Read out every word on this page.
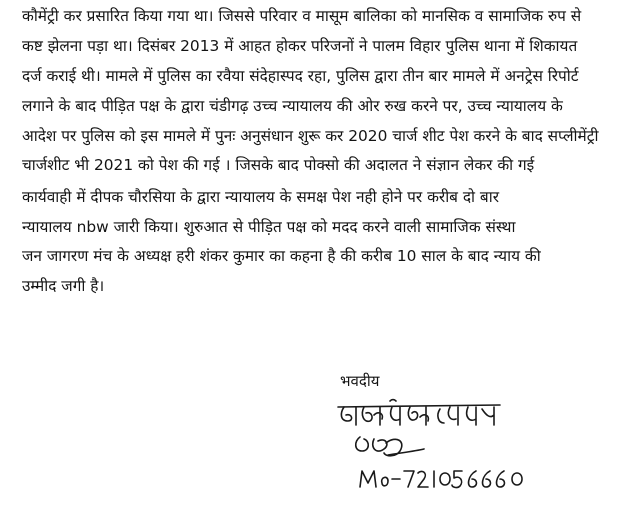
कौमेंट्री कर प्रसारित किया गया था। जिससे परिवार व मासूम बालिका को मानसिक व सामाजिक रुप से
कष्ट झेलना पड़ा था। दिसंबर 2013 में आहत होकर परिजनों ने पालम विहार पुलिस थाना में शिकायत
दर्ज कराई थी। मामले में पुलिस का रवैया संदेहास्पद रहा, पुलिस द्वारा तीन बार मामले में अनट्रेस रिपोर्ट
लगाने के बाद पीड़ित पक्ष के द्वारा चंडीगढ़ उच्च न्यायालय की ओर रुख करने पर, उच्च न्यायालय के
आदेश पर पुलिस को इस मामले में पुनः अनुसंधान शुरू कर 2020 चार्ज शीट पेश करने के बाद सप्लीमेंट्री
चार्जशीट भी 2021 को पेश की गई । जिसके बाद पोक्सो की अदालत ने संज्ञान लेकर की गई
कार्यवाही में दीपक चौरसिया के द्वारा न्यायालय के समक्ष पेश नही होने पर करीब दो बार
न्यायालय nbw जारी किया। शुरुआत से पीड़ित पक्ष को मदद करने वाली सामाजिक संस्था
जन जागरण मंच के अध्यक्ष हरी शंकर कुमार का कहना है की करीब 10 साल के बाद न्याय की
उम्मीद जगी है।
भवदीय
